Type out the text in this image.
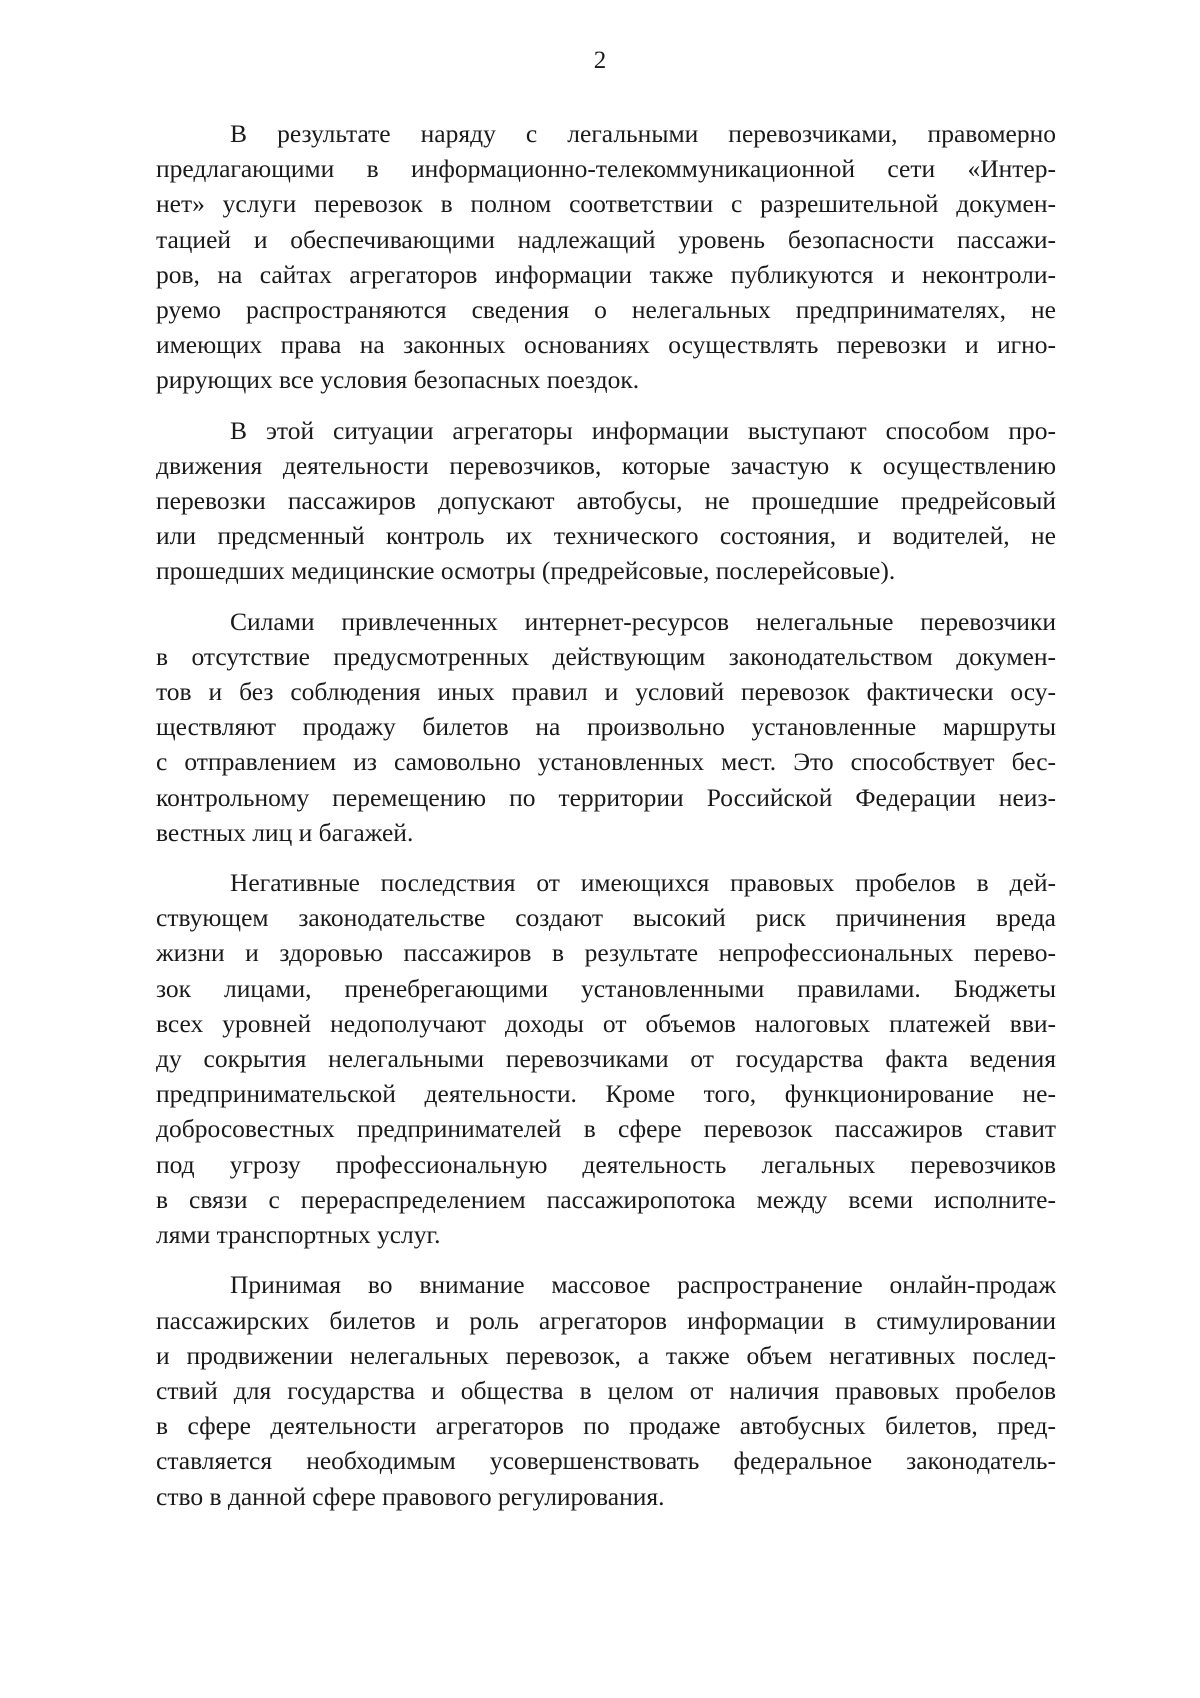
2

В результате наряду с легальными перевозчиками, правомерно
предлагающими в информационно-телекоммуникационной сети «Интер-
нет» услуги перевозок в полном соответствии с разрешительной докумен-
тацией и обеспечивающими надлежащий уровень безопасности пассажи-
ров, на сайтах агрегаторов информации также публикуются и неконтроли-
руемо распространяются сведения о нелегальных предпринимателях, не
имеющих права на законных основаниях осуществлять перевозки и игно-
рирующих все условия безопасных поездок.

В этой ситуации агрегаторы информации выступают способом про-
движения деятельности перевозчиков, которые зачастую к осуществлению
перевозки пассажиров допускают автобусы, не прошедшие предрейсовый
или предсменный контроль их технического состояния, и водителей, не
прошедших медицинские осмотры (предрейсовые, послерейсовые).

Силами привлеченных интернет-ресурсов нелегальные перевозчики
в отсутствие предусмотренных действующим законодательством докумен-
тов и без соблюдения иных правил и условий перевозок фактически осу-
ществляют продажу билетов на произвольно установленные маршруты
с отправлением из самовольно установленных мест. Это способствует бес-
контрольному перемещению по территории Российской Федерации неиз-
вестных лиц и багажей.

Негативные последствия от имеющихся правовых пробелов в дей-
ствующем законодательстве создают высокий риск причинения вреда
жизни и здоровью пассажиров в результате непрофессиональных перево-
зок лицами, пренебрегающими установленными правилами. Бюджеты
всех уровней недополучают доходы от объемов налоговых платежей вви-
ду сокрытия нелегальными перевозчиками от государства факта ведения
предпринимательской деятельности. Кроме того, функционирование не-
добросовестных предпринимателей в сфере перевозок пассажиров ставит
под угрозу профессиональную деятельность легальных перевозчиков
в связи с перераспределением пассажиропотока между всеми исполните-
лями транспортных услуг.

Принимая во внимание массовое распространение онлайн-продаж
пассажирских билетов и роль агрегаторов информации в стимулировании
и продвижении нелегальных перевозок, а также объем негативных послед-
ствий для государства и общества в целом от наличия правовых пробелов
в сфере деятельности агрегаторов по продаже автобусных билетов, пред-
ставляется необходимым усовершенствовать федеральное законодатель-
ство в данной сфере правового регулирования.
